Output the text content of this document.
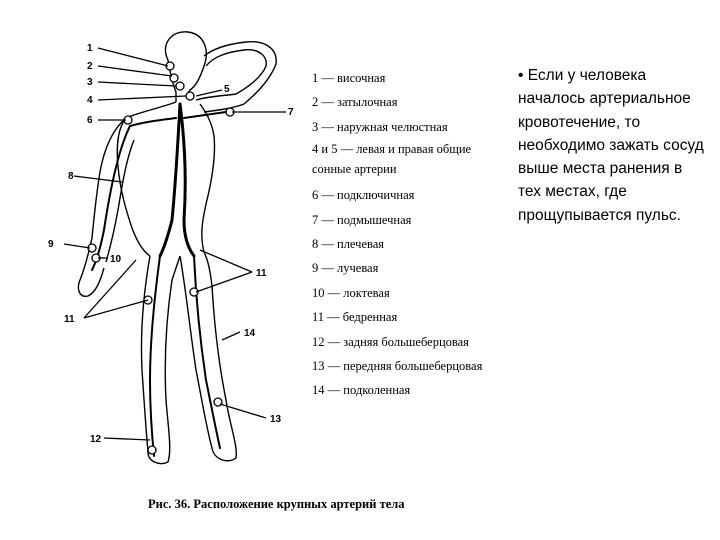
1
2
3
4
5
6
7
8
9
10
11
11
12
13
14
1 — височная
2 — затылочная
3 — наружная челюстная
4 и 5 — левая и правая общие сонные артерии
6 — подключичная
7 — подмышечная
8 — плечевая
9 — лучевая
10 — локтевая
11 — бедренная
12 — задняя большеберцовая
13 — передняя большеберцовая
14 — подколенная
Рис. 36. Расположение крупных артерий тела
• Если у человека началось артериальное кровотечение, то необходимо зажать сосуд выше места ранения в тех местах, где прощупывается пульс.
